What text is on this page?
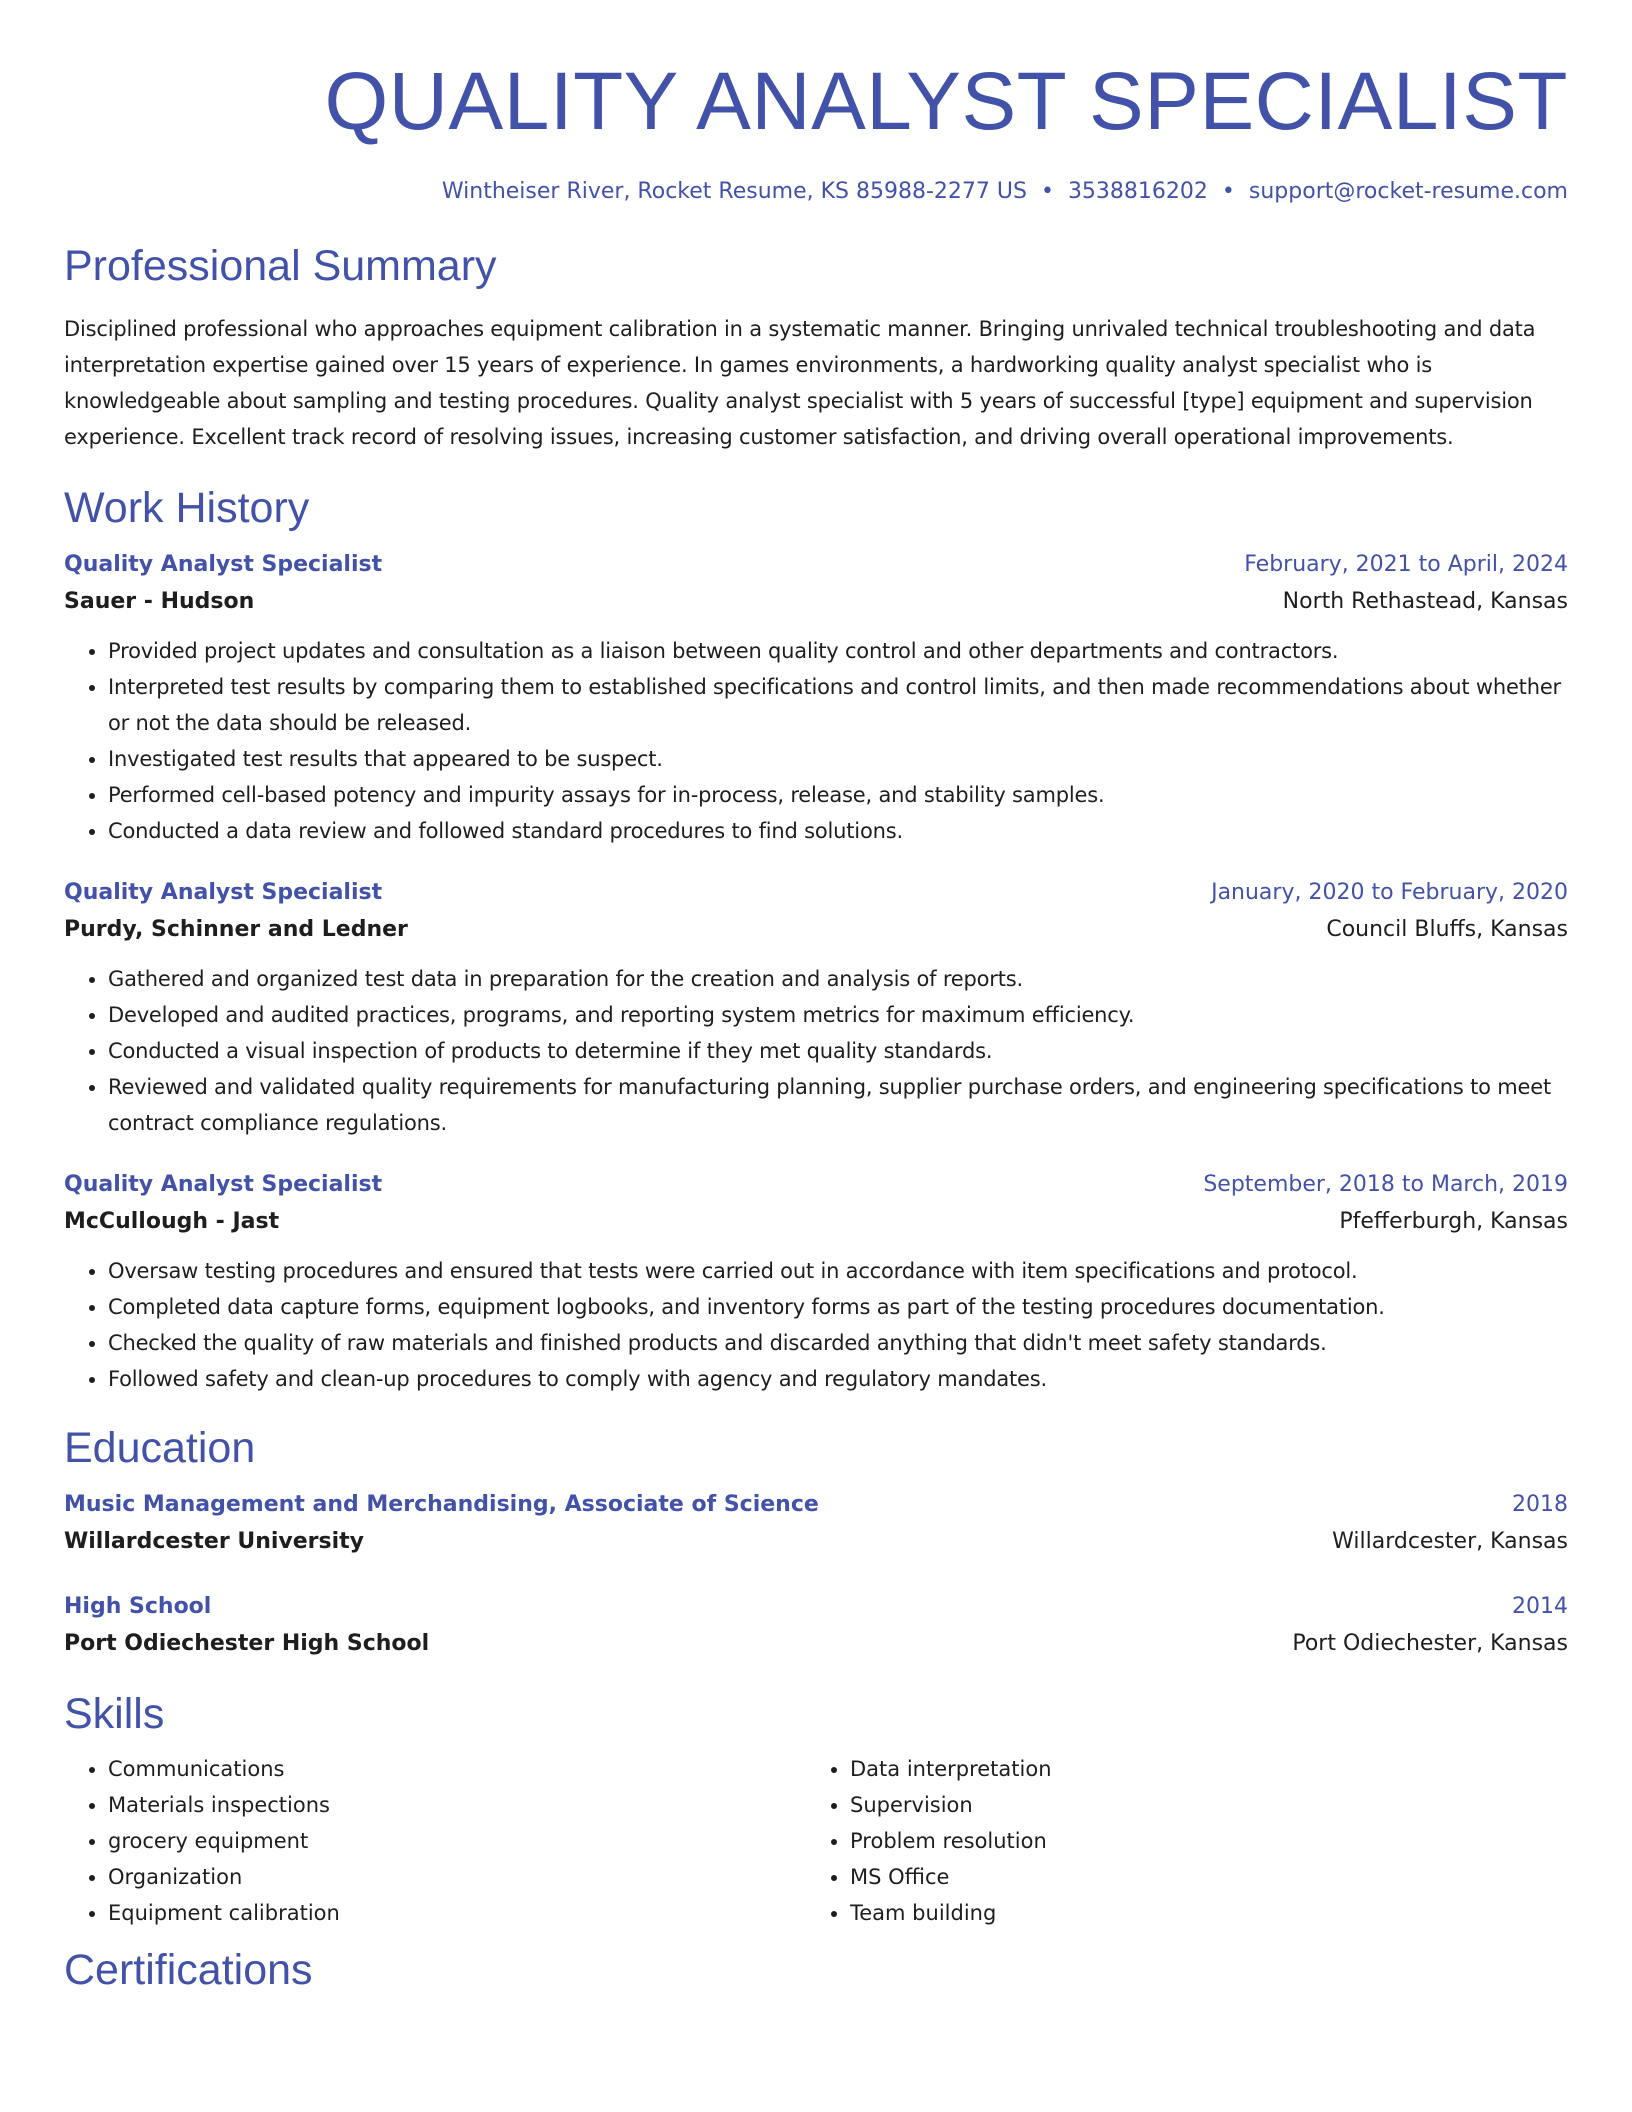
QUALITY ANALYST SPECIALIST
Wintheiser River, Rocket Resume, KS 85988-2277 US • 3538816202 • support@rocket-resume.com
Professional Summary

Disciplined professional who approaches equipment calibration in a systematic manner. Bringing unrivaled technical troubleshooting and data interpretation expertise gained over 15 years of experience. In games environments, a hardworking quality analyst specialist who is knowledgeable about sampling and testing procedures. Quality analyst specialist with 5 years of successful [type] equipment and supervision experience. Excellent track record of resolving issues, increasing customer satisfaction, and driving overall operational improvements.

Work History
Quality Analyst Specialist	February, 2021 to April, 2024
Sauer - Hudson	North Rethastead, Kansas
• Provided project updates and consultation as a liaison between quality control and other departments and contractors.
• Interpreted test results by comparing them to established specifications and control limits, and then made recommendations about whether or not the data should be released.
• Investigated test results that appeared to be suspect.
• Performed cell-based potency and impurity assays for in-process, release, and stability samples.
• Conducted a data review and followed standard procedures to find solutions.
Quality Analyst Specialist	January, 2020 to February, 2020
Purdy, Schinner and Ledner	Council Bluffs, Kansas
• Gathered and organized test data in preparation for the creation and analysis of reports.
• Developed and audited practices, programs, and reporting system metrics for maximum efficiency.
• Conducted a visual inspection of products to determine if they met quality standards.
• Reviewed and validated quality requirements for manufacturing planning, supplier purchase orders, and engineering specifications to meet contract compliance regulations.
Quality Analyst Specialist	September, 2018 to March, 2019
McCullough - Jast	Pfefferburgh, Kansas
• Oversaw testing procedures and ensured that tests were carried out in accordance with item specifications and protocol.
• Completed data capture forms, equipment logbooks, and inventory forms as part of the testing procedures documentation.
• Checked the quality of raw materials and finished products and discarded anything that didn't meet safety standards.
• Followed safety and clean-up procedures to comply with agency and regulatory mandates.
Education
Music Management and Merchandising, Associate of Science	2018
Willardcester University	Willardcester, Kansas
High School	2014
Port Odiechester High School	Port Odiechester, Kansas
Skills
• Communications
• Materials inspections
• grocery equipment
• Organization
• Equipment calibration
• Data interpretation
• Supervision
• Problem resolution
• MS Office
• Team building
Certifications
